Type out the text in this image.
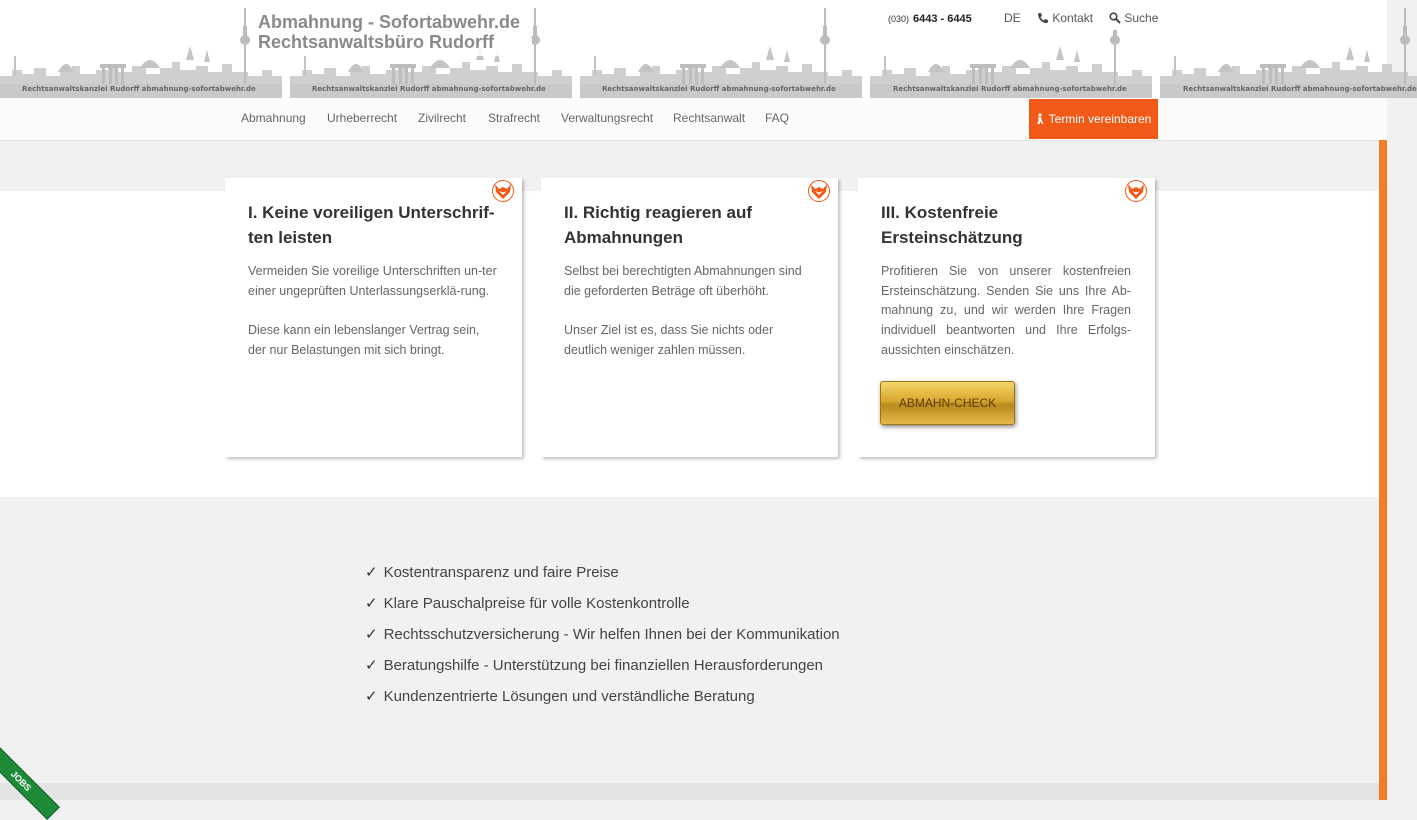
Rechtsanwaltskanzlei Rudorff abmahnung-sofortabwehr.de	Rechtsanwaltskanzlei Rudorff abmahnung-sofortabwehr.de	Rechtsanwaltskanzlei Rudorff abmahnung-sofortabwehr.de	Rechtsanwaltskanzlei Rudorff abmahnung-sofortabwehr.de	Rechtsanwaltskanzlei Rudorff abmahnung-sofortabwehr.de
Abmahnung - Sofortabwehr.de
Rechtsanwaltsbüro Rudorff
(030) 6443 - 6445	DE	Kontakt	Suche
Abmahnung Urheberrecht Zivilrecht Strafrecht Verwaltungsrecht Rechtsanwalt FAQ	Termin vereinbaren
I. Keine voreiligen Unterschrif-ten leisten

Vermeiden Sie voreilige Unterschriften un-ter einer ungeprüften Unterlassungserklä-rung.

Diese kann ein lebenslanger Vertrag sein, der nur Belastungen mit sich bringt.

II. Richtig reagieren auf Abmahnungen

Selbst bei berechtigten Abmahnungen sind die geforderten Beträge oft überhöht.

Unser Ziel ist es, dass Sie nichts oder deutlich weniger zahlen müssen.

III. Kostenfreie Ersteinschätzung

Profitieren Sie von unserer kostenfreien Ersteinschätzung. Senden Sie uns Ihre Ab-mahnung zu, und wir werden Ihre Fragen individuell beantworten und Ihre Erfolgs-aussichten einschätzen.

ABMAHN-CHECK
✓ Kostentransparenz und faire Preise
✓ Klare Pauschalpreise für volle Kostenkontrolle
✓ Rechtsschutzversicherung - Wir helfen Ihnen bei der Kommunikation
✓ Beratungshilfe - Unterstützung bei finanziellen Herausforderungen
✓ Kundenzentrierte Lösungen und verständliche Beratung
JOBS
